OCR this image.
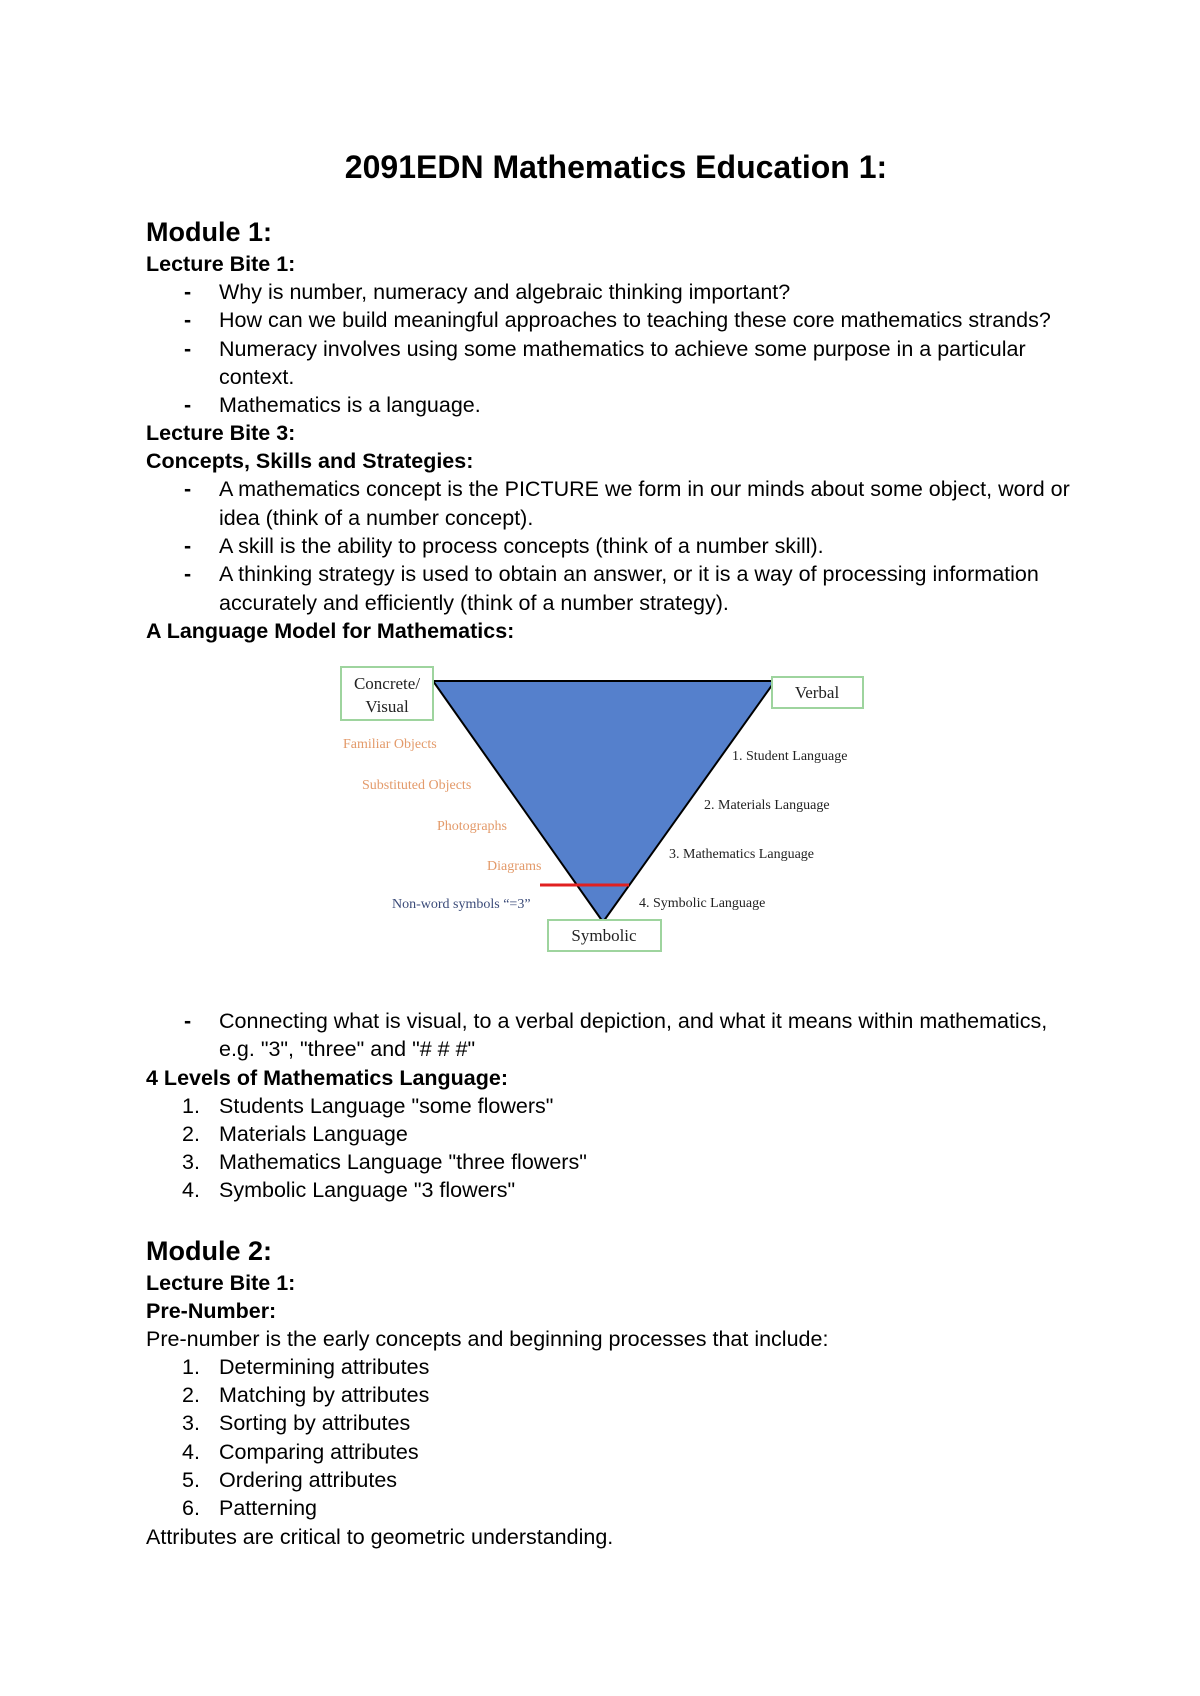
2091EDN Mathematics Education 1:
Module 1:

Lecture Bite 1:

- Why is number, numeracy and algebraic thinking important?
- How can we build meaningful approaches to teaching these core mathematics strands?
- Numeracy involves using some mathematics to achieve some purpose in a particular context.
- Mathematics is a language.

Lecture Bite 3:

Concepts, Skills and Strategies:

- A mathematics concept is the PICTURE we form in our minds about some object, word or idea (think of a number concept).
- A skill is the ability to process concepts (think of a number skill).
- A thinking strategy is used to obtain an answer, or it is a way of processing information accurately and efficiently (think of a number strategy).

A Language Model for Mathematics:

Concrete/
Visual
Verbal
Symbolic
Familiar Objects
Substituted Objects
Photographs
Diagrams
Non-word symbols “=3”
1. Student Language
2. Materials Language
3. Mathematics Language
4. Symbolic Language
- Connecting what is visual, to a verbal depiction, and what it means within mathematics, e.g. "3", "three" and "# # #"

4 Levels of Mathematics Language:

1. Students Language "some flowers"
2. Materials Language
3. Mathematics Language "three flowers"
4. Symbolic Language "3 flowers"
Module 2:

Lecture Bite 1:

Pre-Number:

Pre-number is the early concepts and beginning processes that include:

1. Determining attributes
2. Matching by attributes
3. Sorting by attributes
4. Comparing attributes
5. Ordering attributes
6. Patterning

Attributes are critical to geometric understanding.
